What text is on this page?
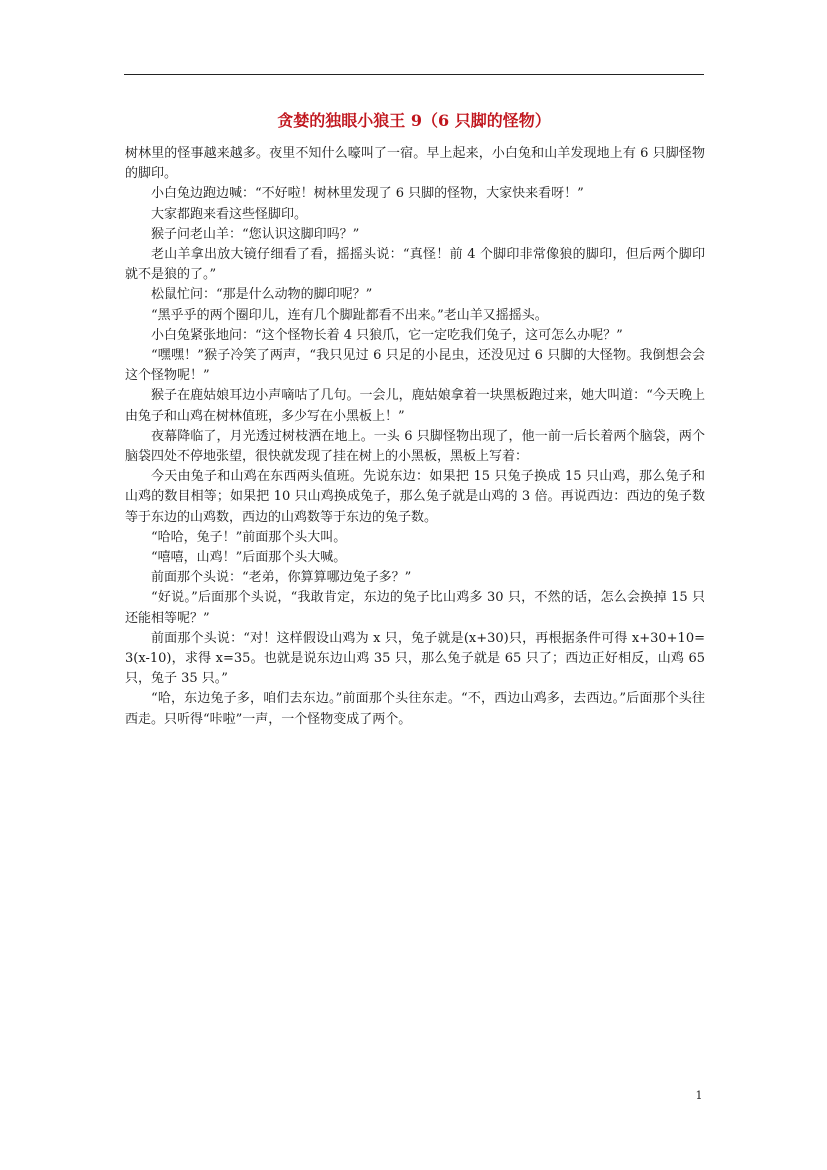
贪婪的独眼小狼王 9（6 只脚的怪物）

树林里的怪事越来越多。夜里不知什么嚎叫了一宿。早上起来，小白兔和山羊发现地上有 6 只脚怪物的脚印。

小白兔边跑边喊：“不好啦！树林里发现了 6 只脚的怪物，大家快来看呀！”

大家都跑来看这些怪脚印。

猴子问老山羊：“您认识这脚印吗？”

老山羊拿出放大镜仔细看了看，摇摇头说：“真怪！前 4 个脚印非常像狼的脚印，但后两个脚印就不是狼的了。”

松鼠忙问：“那是什么动物的脚印呢？”

“黑乎乎的两个圈印儿，连有几个脚趾都看不出来。”老山羊又摇摇头。

小白兔紧张地问：“这个怪物长着 4 只狼爪，它一定吃我们兔子，这可怎么办呢？”

“嘿嘿！”猴子冷笑了两声，“我只见过 6 只足的小昆虫，还没见过 6 只脚的大怪物。我倒想会会这个怪物呢！”

猴子在鹿姑娘耳边小声嘀咕了几句。一会儿，鹿姑娘拿着一块黑板跑过来，她大叫道：“今天晚上由兔子和山鸡在树林值班，多少写在小黑板上！”

夜幕降临了，月光透过树枝洒在地上。一头 6 只脚怪物出现了，他一前一后长着两个脑袋，两个脑袋四处不停地张望，很快就发现了挂在树上的小黑板，黑板上写着：

今天由兔子和山鸡在东西两头值班。先说东边：如果把 15 只兔子换成 15 只山鸡，那么兔子和山鸡的数目相等；如果把 10 只山鸡换成兔子，那么兔子就是山鸡的 3 倍。再说西边：西边的兔子数等于东边的山鸡数，西边的山鸡数等于东边的兔子数。

“哈哈，兔子！”前面那个头大叫。

“嘻嘻，山鸡！”后面那个头大喊。

前面那个头说：“老弟，你算算哪边兔子多？”

“好说。”后面那个头说，“我敢肯定，东边的兔子比山鸡多 30 只，不然的话，怎么会换掉 15 只还能相等呢？”

前面那个头说：“对！这样假设山鸡为 x 只，兔子就是(x+30)只，再根据条件可得 x+30+10=3(x-10)，求得 x=35。也就是说东边山鸡 35 只，那么兔子就是 65 只了；西边正好相反，山鸡 65 只，兔子 35 只。”

“哈，东边兔子多，咱们去东边。”前面那个头往东走。“不，西边山鸡多，去西边。”后面那个头往西走。只听得“咔啦”一声，一个怪物变成了两个。

1
